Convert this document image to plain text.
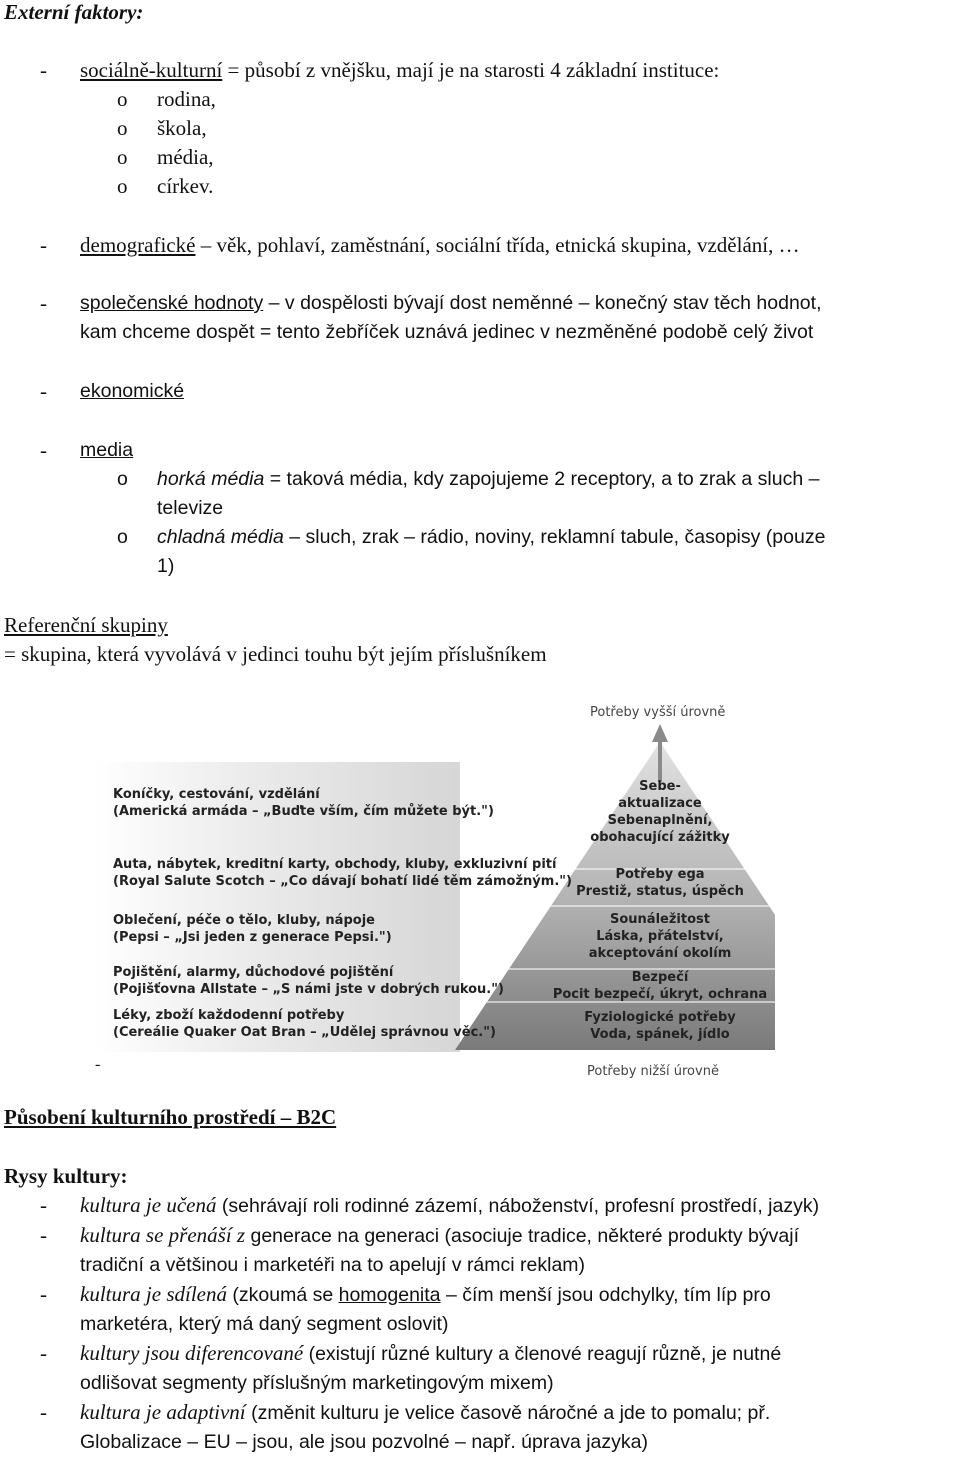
Externí faktory:
- sociálně-kulturní = působí z vnějšku, mají je na starosti 4 základní instituce:
o rodina,
o škola,
o média,
o církev.
- demografické – věk, pohlaví, zaměstnání, sociální třída, etnická skupina, vzdělání, …
- společenské hodnoty – v dospělosti bývají dost neměnné – konečný stav těch hodnot,
kam chceme dospět = tento žebříček uznává jedinec v nezměněné podobě celý život
- ekonomické
- media
o horká média = taková média, kdy zapojujeme 2 receptory, a to zrak a sluch –
televize
o chladná média – sluch, zrak – rádio, noviny, reklamní tabule, časopisy (pouze
1)
Referenční skupiny
= skupina, která vyvolává v jedinci touhu být jejím příslušníkem
Potřeby vyšší úrovně
Potřeby nižší úrovně
-
Sebe-
aktualizace
Sebenaplnění,
obohacující zážitky
Potřeby ega
Prestiž, status, úspěch
Sounáležitost
Láska, přátelství,
akceptování okolím
Bezpečí
Pocit bezpečí, úkryt, ochrana
Fyziologické potřeby
Voda, spánek, jídlo
Koníčky, cestování, vzdělání
(Americká armáda – „Buďte vším, čím můžete být.")
Auta, nábytek, kreditní karty, obchody, kluby, exkluzivní pití
(Royal Salute Scotch – „Co dávají bohatí lidé těm zámožným.")
Oblečení, péče o tělo, kluby, nápoje
(Pepsi – „Jsi jeden z generace Pepsi.")
Pojištění, alarmy, důchodové pojištění
(Pojišťovna Allstate – „S námi jste v dobrých rukou.")
Léky, zboží každodenní potřeby
(Cereálie Quaker Oat Bran – „Udělej správnou věc.")
Působení kulturního prostředí – B2C
Rysy kultury:
- kultura je učená (sehrávají roli rodinné zázemí, náboženství, profesní prostředí, jazyk)
- kultura se přenáší z generace na generaci (asociuje tradice, některé produkty bývají
tradiční a většinou i marketéři na to apelují v rámci reklam)
- kultura je sdílená (zkoumá se homogenita – čím menší jsou odchylky, tím líp pro
marketéra, který má daný segment oslovit)
- kultury jsou diferencované (existují různé kultury a členové reagují různě, je nutné
odlišovat segmenty příslušným marketingovým mixem)
- kultura je adaptivní (změnit kulturu je velice časově náročné a jde to pomalu; př.
Globalizace – EU – jsou, ale jsou pozvolné – např. úprava jazyka)
